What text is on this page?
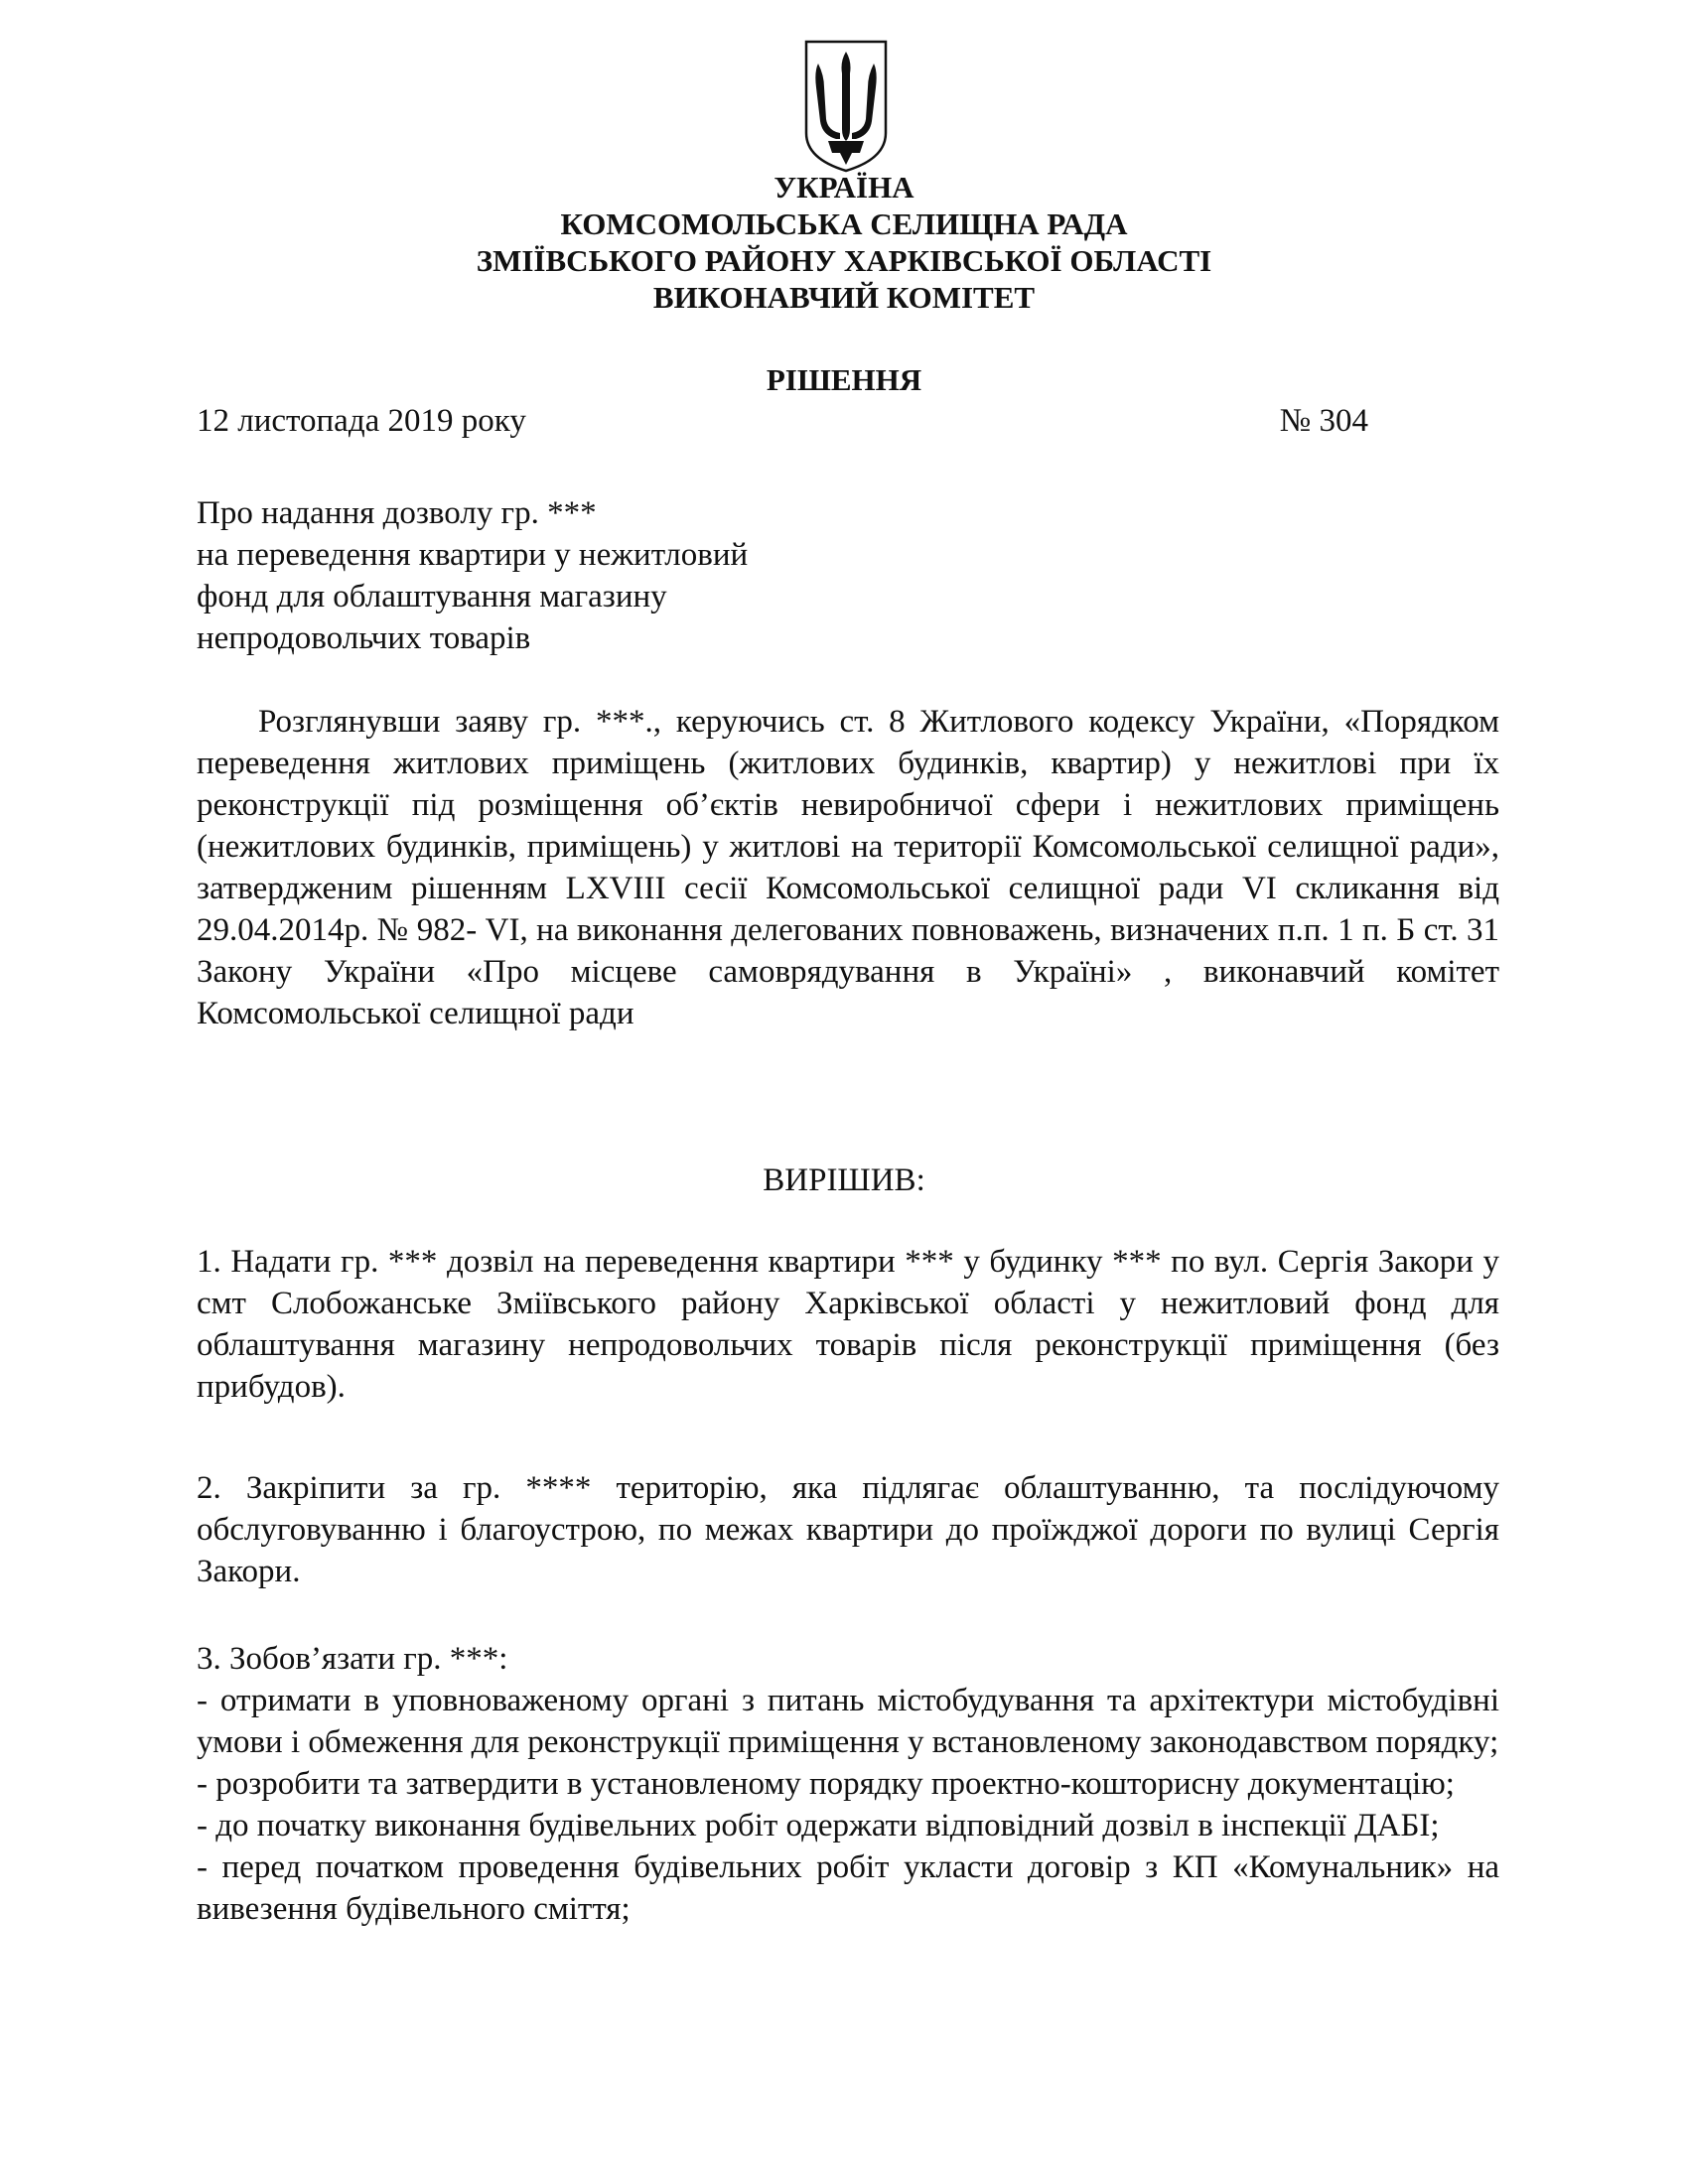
УКРАЇНА
КОМСОМОЛЬСЬКА СЕЛИЩНА РАДА
ЗМІЇВСЬКОГО РАЙОНУ ХАРКІВСЬКОЇ ОБЛАСТІ
ВИКОНАВЧИЙ КОМІТЕТ
РІШЕННЯ
12 листопада 2019 року	№ 304
Про надання дозволу гр. ***
на переведення квартири у нежитловий
фонд для облаштування магазину
непродовольчих товарів
Розглянувши заяву гр. ***., керуючись ст. 8 Житлового кодексу України, «Порядком переведення житлових приміщень (житлових будинків, квартир) у нежитлові при їх реконструкції під розміщення об’єктів невиробничої сфери і нежитлових приміщень (нежитлових будинків, приміщень) у житлові на території Комсомольської селищної ради», затвердженим рішенням LXVIII сесії Комсомольської селищної ради VI скликання від 29.04.2014р. № 982- VI, на виконання делегованих повноважень, визначених п.п. 1 п. Б ст. 31 Закону України «Про місцеве самоврядування в Україні» , виконавчий комітет Комсомольської селищної ради
ВИРІШИВ:
1. Надати гр. *** дозвіл на переведення квартири *** у будинку *** по вул. Сергія Закори у смт Слобожанське Зміївського району Харківської області у нежитловий фонд для облаштування магазину непродовольчих товарів після реконструкції приміщення (без прибудов).
2. Закріпити за гр. **** територію, яка підлягає облаштуванню, та послідуючому обслуговуванню і благоустрою, по межах квартири до проїжджої дороги по вулиці Сергія Закори.

3. Зобов’язати гр. ***:

- отримати в уповноваженому органі з питань містобудування та архітектури містобудівні умови і обмеження для реконструкції приміщення у встановленому законодавством порядку;

- розробити та затвердити в установленому порядку проектно-кошторисну документацію;

- до початку виконання будівельних робіт одержати відповідний дозвіл в інспекції ДАБІ;

- перед початком проведення будівельних робіт укласти договір з КП «Комунальник» на вивезення будівельного сміття;
